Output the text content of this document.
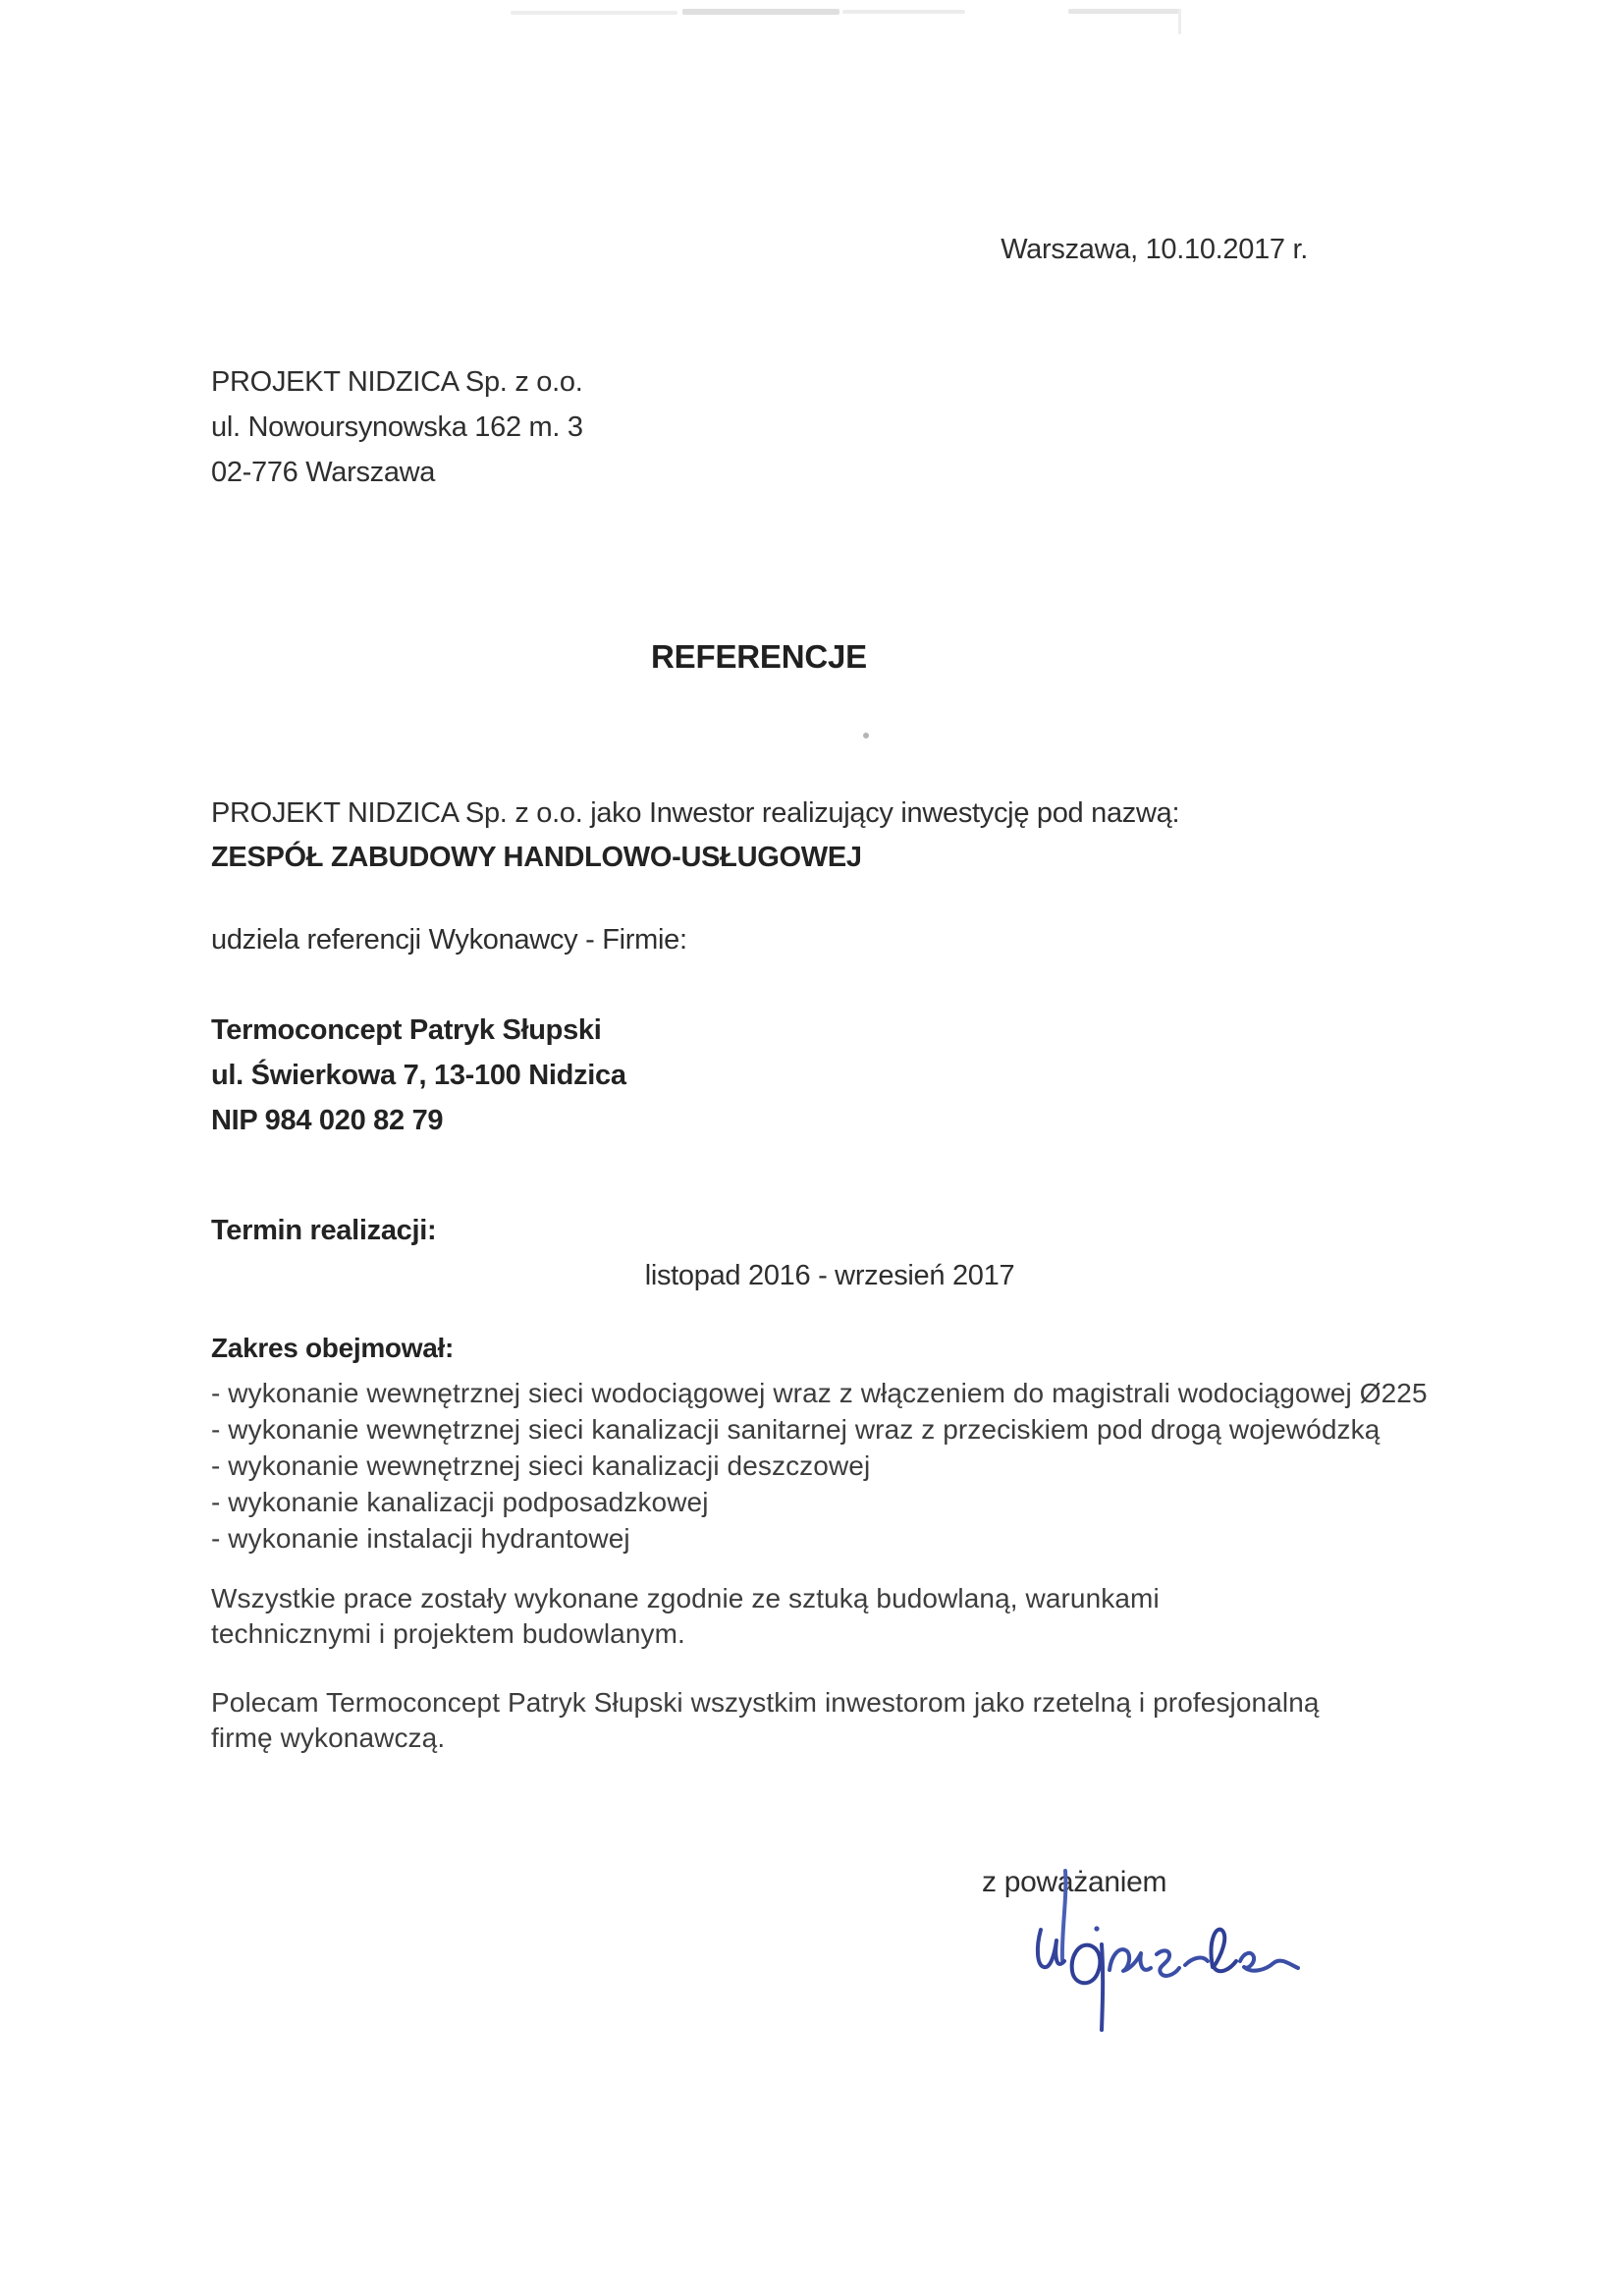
Warszawa, 10.10.2017 r.
PROJEKT NIDZICA Sp. z o.o.
ul. Nowoursynowska 162 m. 3
02-776 Warszawa
REFERENCJE
PROJEKT NIDZICA Sp. z o.o. jako Inwestor realizujący inwestycję pod nazwą:
ZESPÓŁ ZABUDOWY HANDLOWO-USŁUGOWEJ
udziela referencji Wykonawcy - Firmie:
Termoconcept Patryk Słupski
ul. Świerkowa 7, 13-100 Nidzica
NIP 984 020 82 79
Termin realizacji:
listopad 2016 - wrzesień 2017
Zakres obejmował:
- wykonanie wewnętrznej sieci wodociągowej wraz z włączeniem do magistrali wodociągowej Ø225
- wykonanie wewnętrznej sieci kanalizacji sanitarnej wraz z przeciskiem pod drogą wojewódzką
- wykonanie wewnętrznej sieci kanalizacji deszczowej
- wykonanie kanalizacji podposadzkowej
- wykonanie instalacji hydrantowej
Wszystkie prace zostały wykonane zgodnie ze sztuką budowlaną, warunkami technicznymi i projektem budowlanym.
Polecam Termoconcept Patryk Słupski wszystkim inwestorom jako rzetelną i profesjonalną firmę wykonawczą.
z poważaniem
